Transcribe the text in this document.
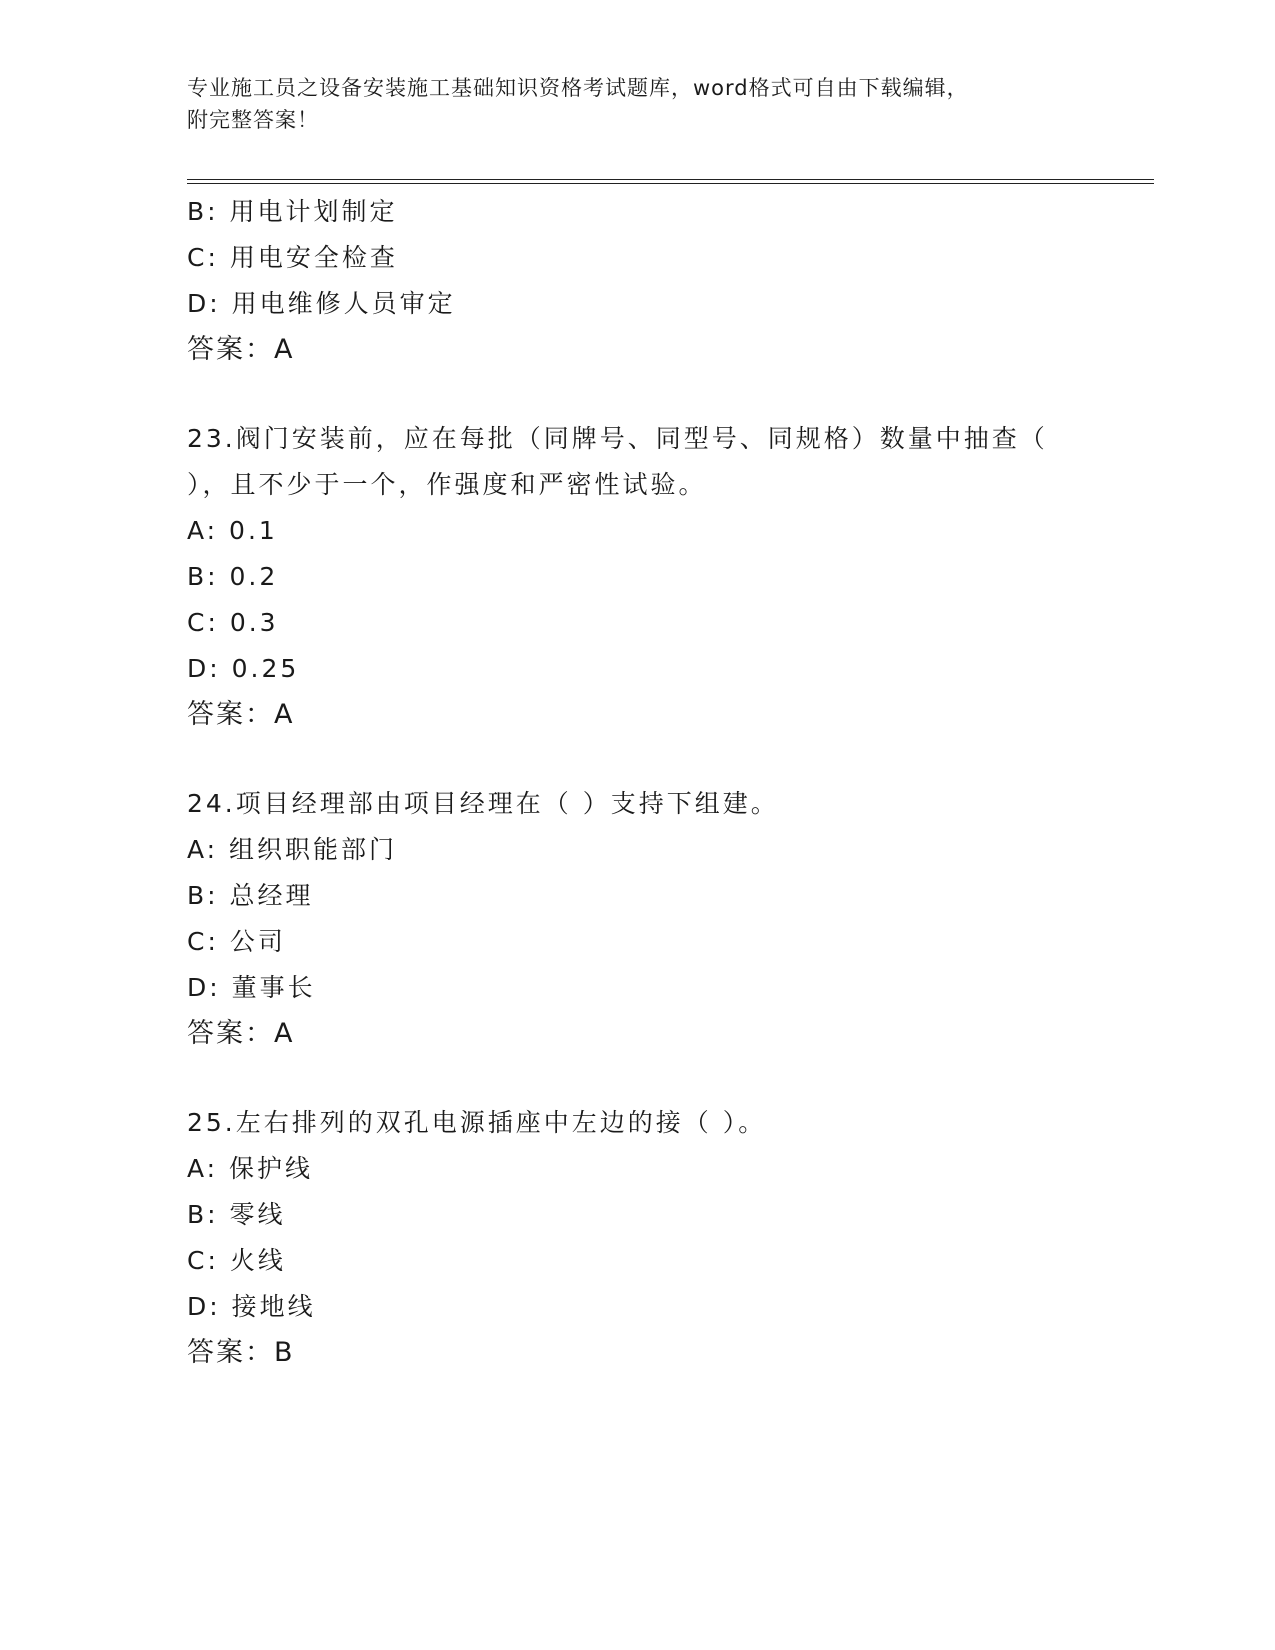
专业施工员之设备安装施工基础知识资格考试题库，word格式可自由下载编辑，
附完整答案！
B: 用电计划制定
C: 用电安全检查
D: 用电维修人员审定
答案：A
23.阀门安装前，应在每批（同牌号、同型号、同规格）数量中抽查（
），且不少于一个，作强度和严密性试验。
A: 0.1
B: 0.2
C: 0.3
D: 0.25
答案：A
24.项目经理部由项目经理在（ ）支持下组建。
A: 组织职能部门
B: 总经理
C: 公司
D: 董事长
答案：A
25.左右排列的双孔电源插座中左边的接（ ）。
A: 保护线
B: 零线
C: 火线
D: 接地线
答案：B
